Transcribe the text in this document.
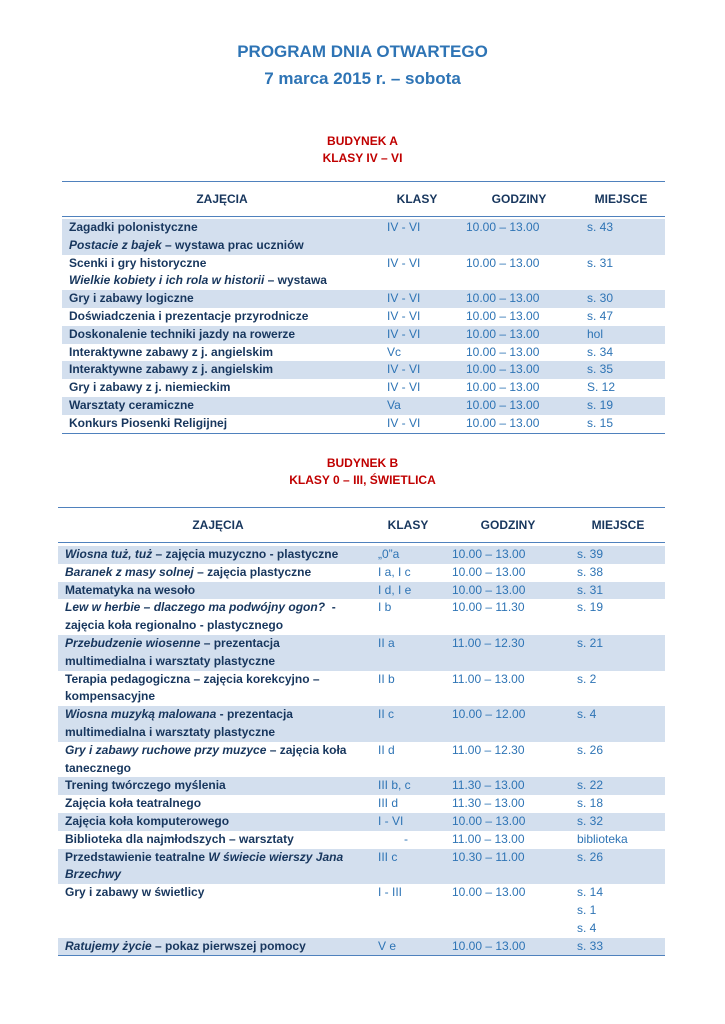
PROGRAM DNIA OTWARTEGO
7 marca 2015 r. – sobota
BUDYNEK A
KLASY IV – VI
ZAJĘCIA	KLASY	GODZINY	MIEJSCE
Zagadki polonistyczne
Postacie z bajek – wystawa prac uczniów
IV - VI	10.00 – 13.00	s. 43
Scenki i gry historyczne
Wielkie kobiety i ich rola w historii – wystawa
IV - VI	10.00 – 13.00	s. 31
Gry i zabawy logiczne	IV - VI	10.00 – 13.00	s. 30
Doświadczenia i prezentacje przyrodnicze	IV - VI	10.00 – 13.00	s. 47
Doskonalenie techniki jazdy na rowerze	IV - VI	10.00 – 13.00	hol
Interaktywne zabawy z j. angielskim	Vc	10.00 – 13.00	s. 34
Interaktywne zabawy z j. angielskim	IV - VI	10.00 – 13.00	s. 35
Gry i zabawy z j. niemieckim	IV - VI	10.00 – 13.00	S. 12
Warsztaty ceramiczne	Va	10.00 – 13.00	s. 19
Konkurs Piosenki Religijnej	IV - VI	10.00 – 13.00	s. 15
BUDYNEK B
KLASY 0 – III, ŚWIETLICA
ZAJĘCIA	KLASY	GODZINY	MIEJSCE
Wiosna tuż, tuż – zajęcia muzyczno - plastyczne	„0”a	10.00 – 13.00	s. 39
Baranek z masy solnej – zajęcia plastyczne	I a, I c	10.00 – 13.00	s. 38
Matematyka na wesoło	I d, I e	10.00 – 13.00	s. 31
Lew w herbie – dlaczego ma podwójny ogon?  -
zajęcia koła regionalno - plastycznego
I b	10.00 – 11.30	s. 19
Przebudzenie wiosenne – prezentacja
multimedialna i warsztaty plastyczne
II a	11.00 – 12.30	s. 21
Terapia pedagogiczna – zajęcia korekcyjno –
kompensacyjne
II b	11.00 – 13.00	s. 2
Wiosna muzyką malowana - prezentacja
multimedialna i warsztaty plastyczne
II c	10.00 – 12.00	s. 4
Gry i zabawy ruchowe przy muzyce – zajęcia koła
tanecznego
II d	11.00 – 12.30	s. 26
Trening twórczego myślenia	III b, c	11.30 – 13.00	s. 22
Zajęcia koła teatralnego	III d	11.30 – 13.00	s. 18
Zajęcia koła komputerowego	I - VI	10.00 – 13.00	s. 32
Biblioteka dla najmłodszych – warsztaty	-	11.00 – 13.00	biblioteka
Przedstawienie teatralne W świecie wierszy Jana
Brzechwy
III c	10.30 – 11.00	s. 26
Gry i zabawy w świetlicy	I - III	10.00 – 13.00	s. 14
s. 1
s. 4
Ratujemy życie – pokaz pierwszej pomocy	V e	10.00 – 13.00	s. 33
